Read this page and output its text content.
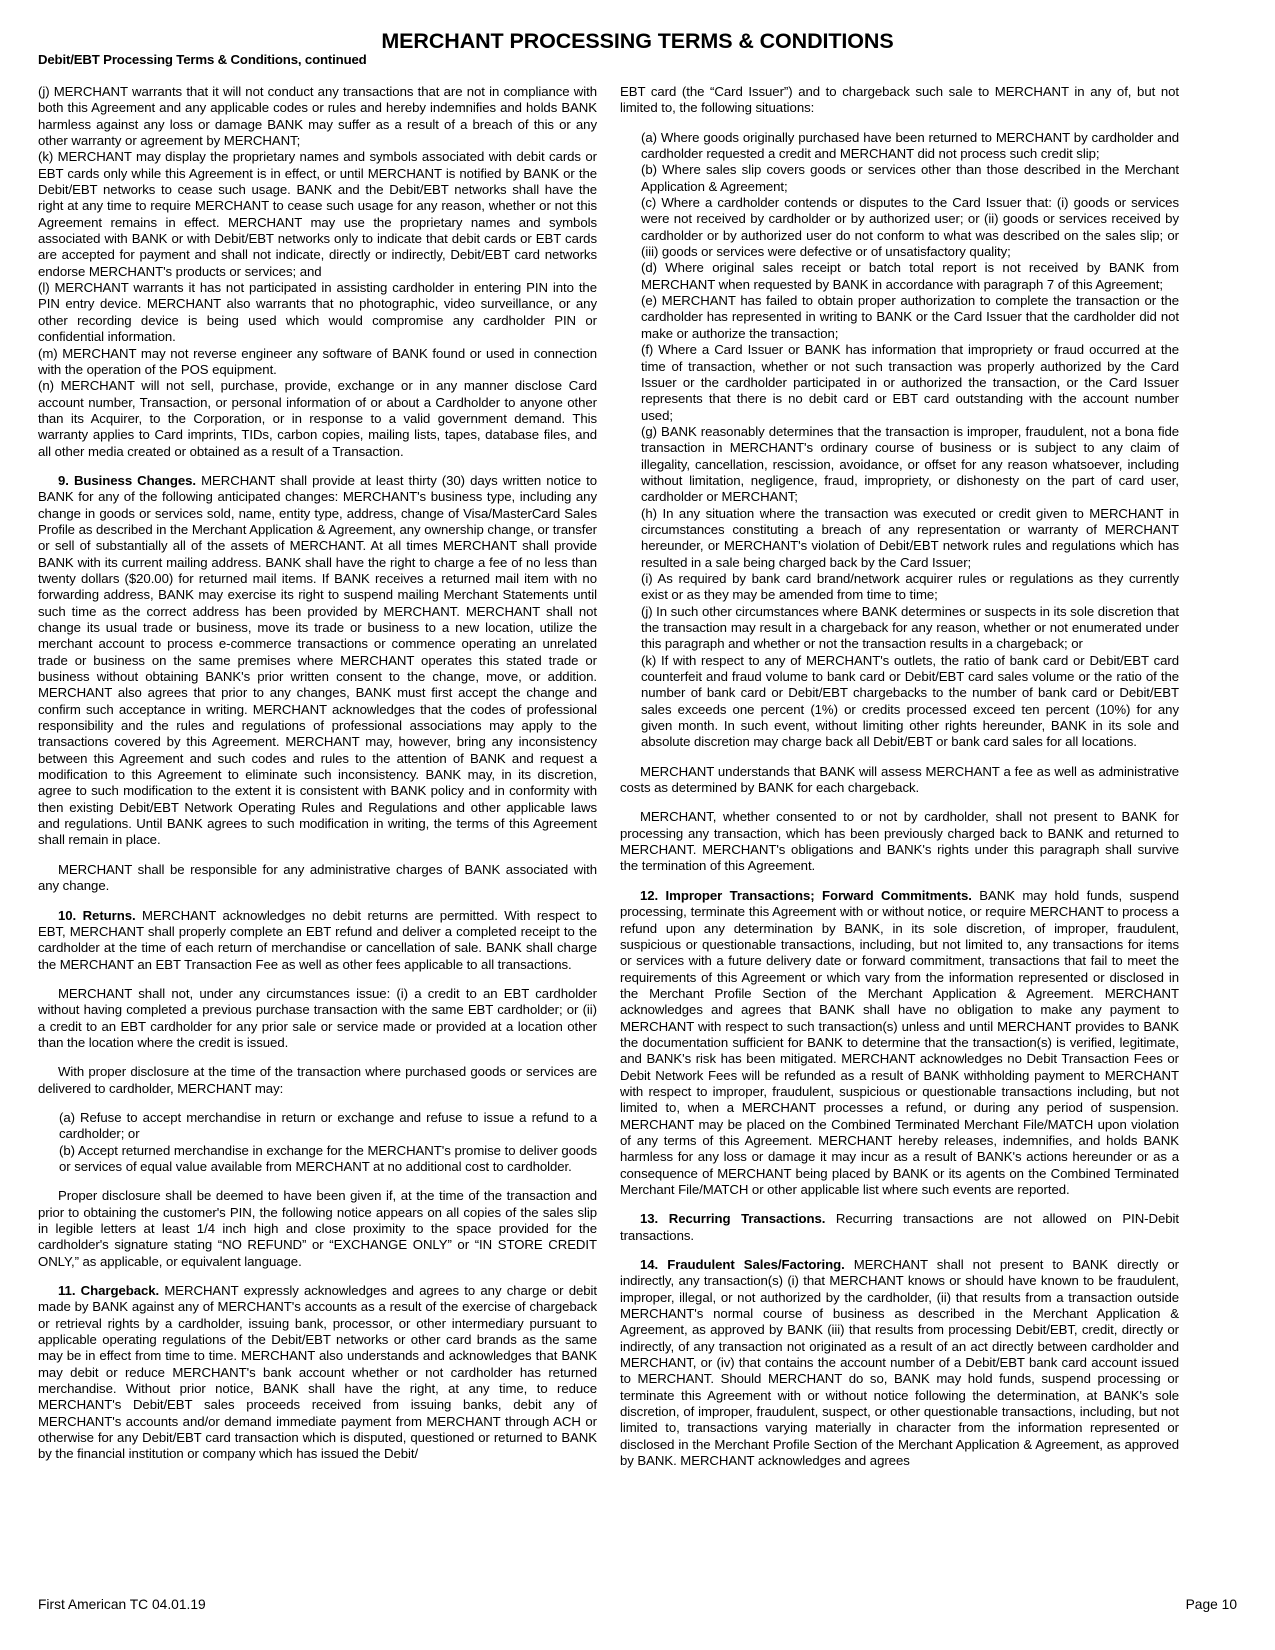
MERCHANT PROCESSING TERMS & CONDITIONS
Debit/EBT Processing Terms & Conditions, continued

(j) MERCHANT warrants that it will not conduct any transactions that are not in compliance with both this Agreement and any applicable codes or rules and hereby indemnifies and holds BANK harmless against any loss or damage BANK may suffer as a result of a breach of this or any other warranty or agreement by MERCHANT;

(k) MERCHANT may display the proprietary names and symbols associated with debit cards or EBT cards only while this Agreement is in effect, or until MERCHANT is notified by BANK or the Debit/EBT networks to cease such usage. BANK and the Debit/EBT networks shall have the right at any time to require MERCHANT to cease such usage for any reason, whether or not this Agreement remains in effect. MERCHANT may use the proprietary names and symbols associated with BANK or with Debit/EBT networks only to indicate that debit cards or EBT cards are accepted for payment and shall not indicate, directly or indirectly, Debit/EBT card networks endorse MERCHANT's products or services; and

(l) MERCHANT warrants it has not participated in assisting cardholder in entering PIN into the PIN entry device. MERCHANT also warrants that no photographic, video surveillance, or any other recording device is being used which would compromise any cardholder PIN or confidential information.

(m) MERCHANT may not reverse engineer any software of BANK found or used in connection with the operation of the POS equipment.

(n) MERCHANT will not sell, purchase, provide, exchange or in any manner disclose Card account number, Transaction, or personal information of or about a Cardholder to anyone other than its Acquirer, to the Corporation, or in response to a valid government demand. This warranty applies to Card imprints, TIDs, carbon copies, mailing lists, tapes, database files, and all other media created or obtained as a result of a Transaction.

9. Business Changes. MERCHANT shall provide at least thirty (30) days written notice to BANK for any of the following anticipated changes: MERCHANT's business type, including any change in goods or services sold, name, entity type, address, change of Visa/MasterCard Sales Profile as described in the Merchant Application & Agreement, any ownership change, or transfer or sell of substantially all of the assets of MERCHANT. At all times MERCHANT shall provide BANK with its current mailing address. BANK shall have the right to charge a fee of no less than twenty dollars ($20.00) for returned mail items. If BANK receives a returned mail item with no forwarding address, BANK may exercise its right to suspend mailing Merchant Statements until such time as the correct address has been provided by MERCHANT. MERCHANT shall not change its usual trade or business, move its trade or business to a new location, utilize the merchant account to process e-commerce transactions or commence operating an unrelated trade or business on the same premises where MERCHANT operates this stated trade or business without obtaining BANK's prior written consent to the change, move, or addition. MERCHANT also agrees that prior to any changes, BANK must first accept the change and confirm such acceptance in writing. MERCHANT acknowledges that the codes of professional responsibility and the rules and regulations of professional associations may apply to the transactions covered by this Agreement. MERCHANT may, however, bring any inconsistency between this Agreement and such codes and rules to the attention of BANK and request a modification to this Agreement to eliminate such inconsistency. BANK may, in its discretion, agree to such modification to the extent it is consistent with BANK policy and in conformity with then existing Debit/EBT Network Operating Rules and Regulations and other applicable laws and regulations. Until BANK agrees to such modification in writing, the terms of this Agreement shall remain in place.

MERCHANT shall be responsible for any administrative charges of BANK associated with any change.

10. Returns. MERCHANT acknowledges no debit returns are permitted. With respect to EBT, MERCHANT shall properly complete an EBT refund and deliver a completed receipt to the cardholder at the time of each return of merchandise or cancellation of sale. BANK shall charge the MERCHANT an EBT Transaction Fee as well as other fees applicable to all transactions.

MERCHANT shall not, under any circumstances issue: (i) a credit to an EBT cardholder without having completed a previous purchase transaction with the same EBT cardholder; or (ii) a credit to an EBT cardholder for any prior sale or service made or provided at a location other than the location where the credit is issued.

With proper disclosure at the time of the transaction where purchased goods or services are delivered to cardholder, MERCHANT may:

(a) Refuse to accept merchandise in return or exchange and refuse to issue a refund to a cardholder; or

(b) Accept returned merchandise in exchange for the MERCHANT's promise to deliver goods or services of equal value available from MERCHANT at no additional cost to cardholder.

Proper disclosure shall be deemed to have been given if, at the time of the transaction and prior to obtaining the customer's PIN, the following notice appears on all copies of the sales slip in legible letters at least 1/4 inch high and close proximity to the space provided for the cardholder's signature stating “NO REFUND” or “EXCHANGE ONLY” or “IN STORE CREDIT ONLY,” as applicable, or equivalent language.

11. Chargeback. MERCHANT expressly acknowledges and agrees to any charge or debit made by BANK against any of MERCHANT's accounts as a result of the exercise of chargeback or retrieval rights by a cardholder, issuing bank, processor, or other intermediary pursuant to applicable operating regulations of the Debit/EBT networks or other card brands as the same may be in effect from time to time. MERCHANT also understands and acknowledges that BANK may debit or reduce MERCHANT's bank account whether or not cardholder has returned merchandise. Without prior notice, BANK shall have the right, at any time, to reduce MERCHANT's Debit/EBT sales proceeds received from issuing banks, debit any of MERCHANT's accounts and/or demand immediate payment from MERCHANT through ACH or otherwise for any Debit/EBT card transaction which is disputed, questioned or returned to BANK by the financial institution or company which has issued the Debit/

EBT card (the “Card Issuer”) and to chargeback such sale to MERCHANT in any of, but not limited to, the following situations:

(a) Where goods originally purchased have been returned to MERCHANT by cardholder and cardholder requested a credit and MERCHANT did not process such credit slip;

(b) Where sales slip covers goods or services other than those described in the Merchant Application & Agreement;

(c) Where a cardholder contends or disputes to the Card Issuer that: (i) goods or services were not received by cardholder or by authorized user; or (ii) goods or services received by cardholder or by authorized user do not conform to what was described on the sales slip; or (iii) goods or services were defective or of unsatisfactory quality;

(d) Where original sales receipt or batch total report is not received by BANK from MERCHANT when requested by BANK in accordance with paragraph 7 of this Agreement;

(e) MERCHANT has failed to obtain proper authorization to complete the transaction or the cardholder has represented in writing to BANK or the Card Issuer that the cardholder did not make or authorize the transaction;

(f) Where a Card Issuer or BANK has information that impropriety or fraud occurred at the time of transaction, whether or not such transaction was properly authorized by the Card Issuer or the cardholder participated in or authorized the transaction, or the Card Issuer represents that there is no debit card or EBT card outstanding with the account number used;

(g) BANK reasonably determines that the transaction is improper, fraudulent, not a bona fide transaction in MERCHANT's ordinary course of business or is subject to any claim of illegality, cancellation, rescission, avoidance, or offset for any reason whatsoever, including without limitation, negligence, fraud, impropriety, or dishonesty on the part of card user, cardholder or MERCHANT;

(h) In any situation where the transaction was executed or credit given to MERCHANT in circumstances constituting a breach of any representation or warranty of MERCHANT hereunder, or MERCHANT's violation of Debit/EBT network rules and regulations which has resulted in a sale being charged back by the Card Issuer;

(i) As required by bank card brand/network acquirer rules or regulations as they currently exist or as they may be amended from time to time;

(j) In such other circumstances where BANK determines or suspects in its sole discretion that the transaction may result in a chargeback for any reason, whether or not enumerated under this paragraph and whether or not the transaction results in a chargeback; or

(k) If with respect to any of MERCHANT's outlets, the ratio of bank card or Debit/EBT card counterfeit and fraud volume to bank card or Debit/EBT card sales volume or the ratio of the number of bank card or Debit/EBT chargebacks to the number of bank card or Debit/EBT sales exceeds one percent (1%) or credits processed exceed ten percent (10%) for any given month. In such event, without limiting other rights hereunder, BANK in its sole and absolute discretion may charge back all Debit/EBT or bank card sales for all locations.

MERCHANT understands that BANK will assess MERCHANT a fee as well as administrative costs as determined by BANK for each chargeback.

MERCHANT, whether consented to or not by cardholder, shall not present to BANK for processing any transaction, which has been previously charged back to BANK and returned to MERCHANT. MERCHANT's obligations and BANK's rights under this paragraph shall survive the termination of this Agreement.

12. Improper Transactions; Forward Commitments. BANK may hold funds, suspend processing, terminate this Agreement with or without notice, or require MERCHANT to process a refund upon any determination by BANK, in its sole discretion, of improper, fraudulent, suspicious or questionable transactions, including, but not limited to, any transactions for items or services with a future delivery date or forward commitment, transactions that fail to meet the requirements of this Agreement or which vary from the information represented or disclosed in the Merchant Profile Section of the Merchant Application & Agreement. MERCHANT acknowledges and agrees that BANK shall have no obligation to make any payment to MERCHANT with respect to such transaction(s) unless and until MERCHANT provides to BANK the documentation sufficient for BANK to determine that the transaction(s) is verified, legitimate, and BANK's risk has been mitigated. MERCHANT acknowledges no Debit Transaction Fees or Debit Network Fees will be refunded as a result of BANK withholding payment to MERCHANT with respect to improper, fraudulent, suspicious or questionable transactions including, but not limited to, when a MERCHANT processes a refund, or during any period of suspension. MERCHANT may be placed on the Combined Terminated Merchant File/MATCH upon violation of any terms of this Agreement. MERCHANT hereby releases, indemnifies, and holds BANK harmless for any loss or damage it may incur as a result of BANK's actions hereunder or as a consequence of MERCHANT being placed by BANK or its agents on the Combined Terminated Merchant File/MATCH or other applicable list where such events are reported.

13. Recurring Transactions. Recurring transactions are not allowed on PIN-Debit transactions.

14. Fraudulent Sales/Factoring. MERCHANT shall not present to BANK directly or indirectly, any transaction(s) (i) that MERCHANT knows or should have known to be fraudulent, improper, illegal, or not authorized by the cardholder, (ii) that results from a transaction outside MERCHANT's normal course of business as described in the Merchant Application & Agreement, as approved by BANK (iii) that results from processing Debit/EBT, credit, directly or indirectly, of any transaction not originated as a result of an act directly between cardholder and MERCHANT, or (iv) that contains the account number of a Debit/EBT bank card account issued to MERCHANT. Should MERCHANT do so, BANK may hold funds, suspend processing or terminate this Agreement with or without notice following the determination, at BANK's sole discretion, of improper, fraudulent, suspect, or other questionable transactions, including, but not limited to, transactions varying materially in character from the information represented or disclosed in the Merchant Profile Section of the Merchant Application & Agreement, as approved by BANK. MERCHANT acknowledges and agrees

First American TC 04.01.19	Page 10
